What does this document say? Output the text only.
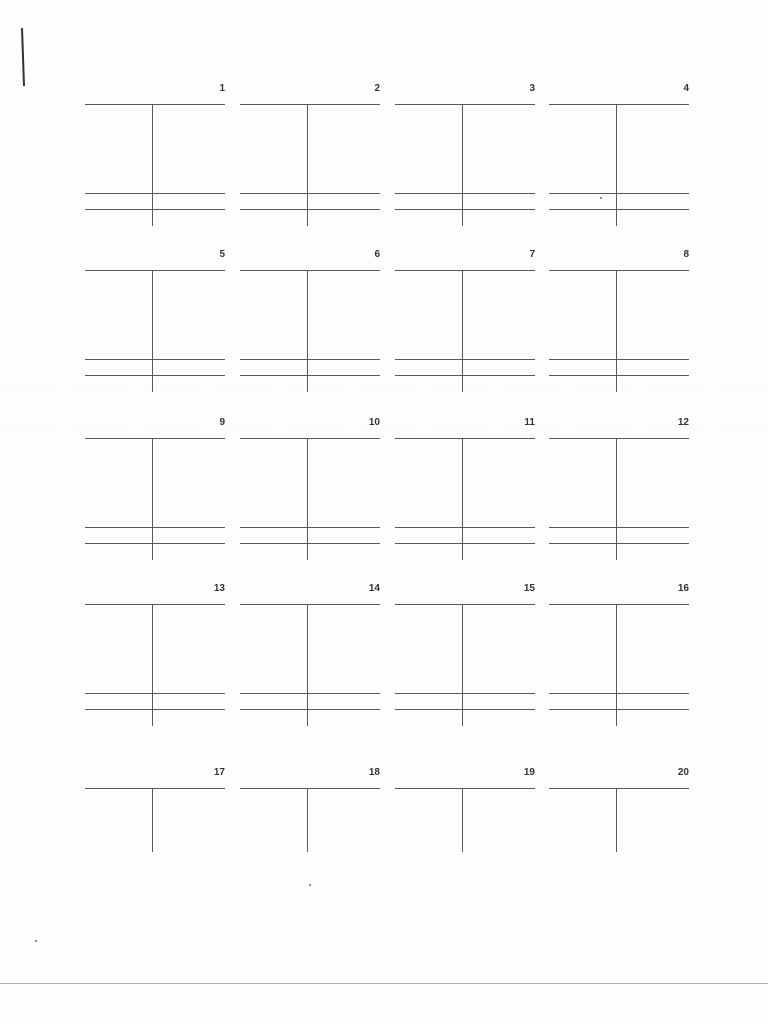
1	2	3	4
5	6	7	8
9	10	11	12
13	14	15	16
17	18	19	20
